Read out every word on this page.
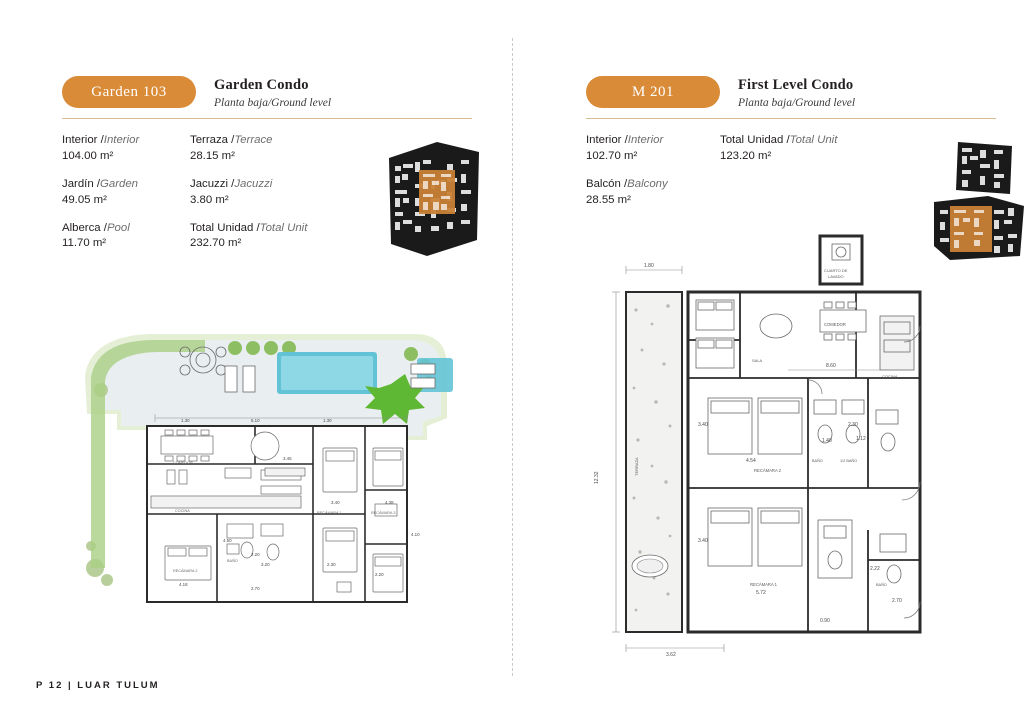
Garden 103	Garden Condo
Planta baja/Ground level
Interior /Interior
104.00 m²
Jardín /Garden
49.05 m²
Alberca /Pool
11.70 m²
Terraza /Terrace
28.15 m²
Jacuzzi /Jacuzzi
3.80 m²
Total Unidad /Total Unit
232.70 m²
1.30	5.10	1.30
3.45
3.40	4.38
4.10
4.50
2.20
3.20	2.30
2.20
4.18
2.70
COMEDOR
COCINA
RECÁMARA 2
RECÁMARA 1	RECÁMARA 3
BAÑO
M 201	First Level Condo
Planta baja/Ground level
Interior /Interior
102.70 m²
Balcón /Balcony
28.55 m²
Total Unidad /Total Unit
123.20 m²
CUARTO DE
LAVADO
TERRAZA
SALA
COMEDOR
COCINA
RECÁMARA 2
BAÑO	1/2 BAÑO
RECÁMARA 1	BAÑO
1.80
12.32
8.60
3.40
4.54
2.30
1.12
1.40
3.40
5.72
2.22
2.70
0.90
3.62
P 12 | LUAR TULUM
